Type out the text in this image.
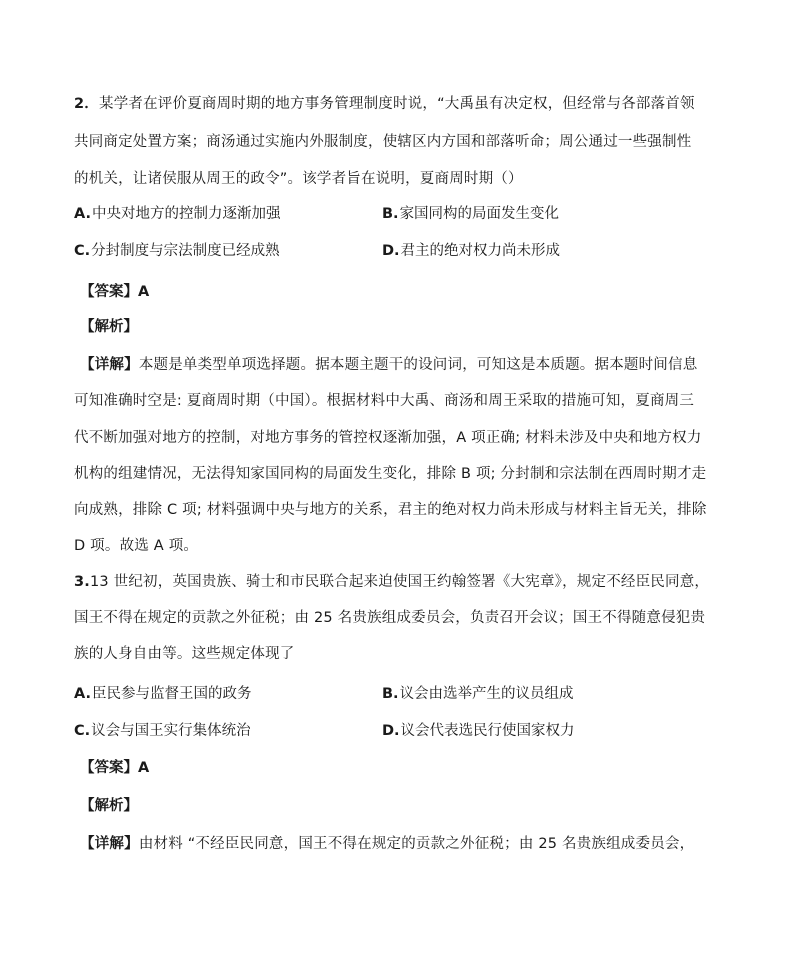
2．某学者在评价夏商周时期的地方事务管理制度时说，“大禹虽有决定权，但经常与各部落首领
共同商定处置方案；商汤通过实施内外服制度，使辖区内方国和部落听命；周公通过一些强制性
的机关，让诸侯服从周王的政令”。该学者旨在说明，夏商周时期（）
A.中央对地方的控制力逐渐加强	B.家国同构的局面发生变化
C.分封制度与宗法制度已经成熟	D.君主的绝对权力尚未形成
【答案】A
【解析】
【详解】本题是单类型单项选择题。据本题主题干的设问词，可知这是本质题。据本题时间信息
可知准确时空是: 夏商周时期（中国）。根据材料中大禹、商汤和周王采取的措施可知，夏商周三
代不断加强对地方的控制，对地方事务的管控权逐渐加强，A 项正确; 材料未涉及中央和地方权力
机构的组建情况，无法得知家国同构的局面发生变化，排除 B 项; 分封制和宗法制在西周时期才走
向成熟，排除 C 项; 材料强调中央与地方的关系，君主的绝对权力尚未形成与材料主旨无关，排除
D 项。故选 A 项。
3.13 世纪初，英国贵族、骑士和市民联合起来迫使国王约翰签署《大宪章》，规定不经臣民同意，
国王不得在规定的贡款之外征税；由 25 名贵族组成委员会，负责召开会议；国王不得随意侵犯贵
族的人身自由等。这些规定体现了
A.臣民参与监督王国的政务	B.议会由选举产生的议员组成
C.议会与国王实行集体统治	D.议会代表选民行使国家权力
【答案】A
【解析】
【详解】由材料 “不经臣民同意，国王不得在规定的贡款之外征税；由 25 名贵族组成委员会，
